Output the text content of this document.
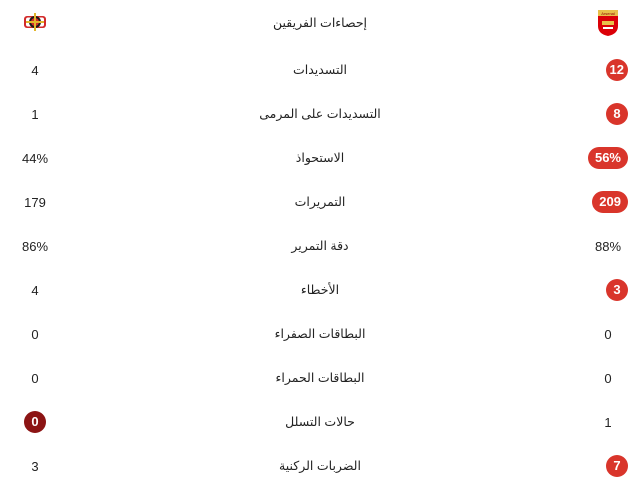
إحصاءات الفريقين
Arsenal
4	التسديدات	12
1	التسديدات على المرمى	8
44%	الاستحواذ	56%
179	التمريرات	209
86%	دقة التمرير	88%
4	الأخطاء	3
0	البطاقات الصفراء	0
0	البطاقات الحمراء	0
0	حالات التسلل	1
3	الضربات الركنية	7
